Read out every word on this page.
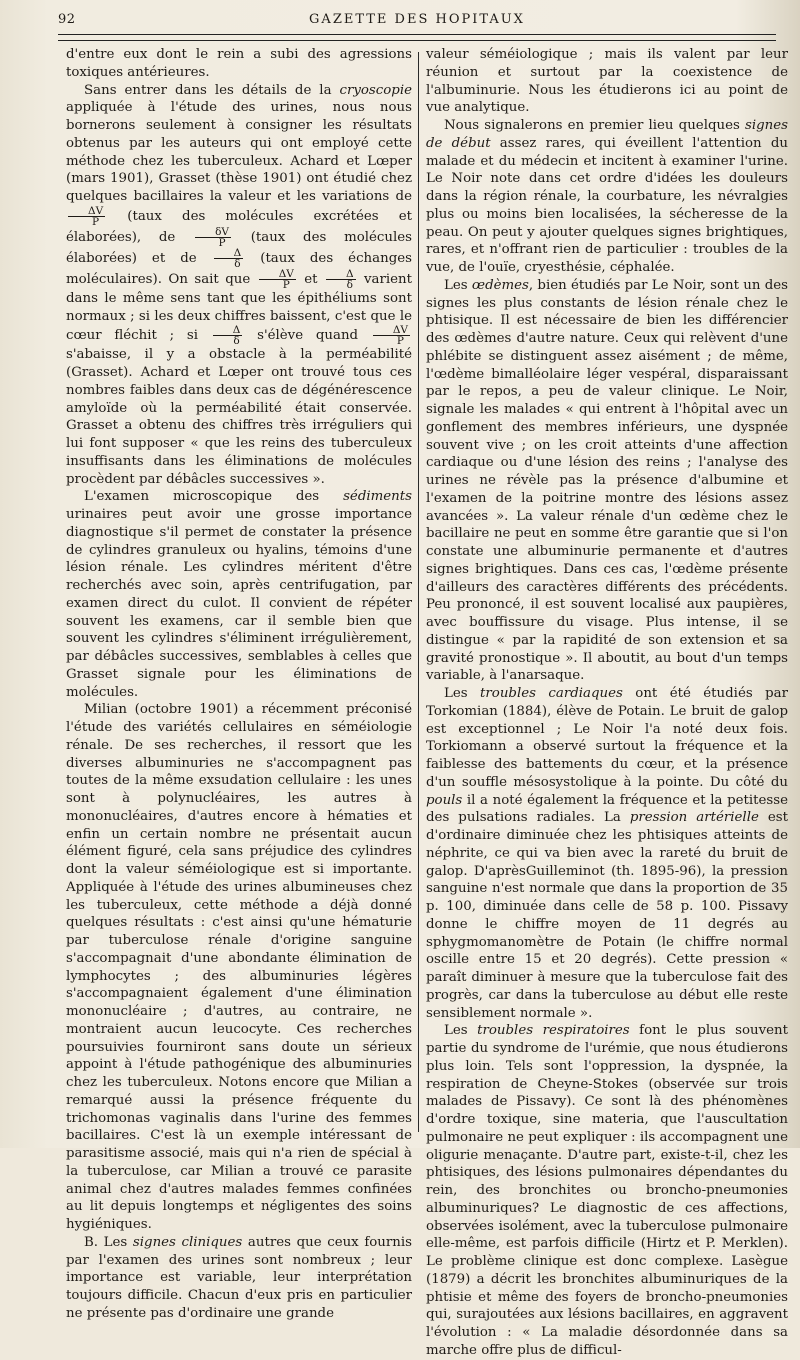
92	GAZETTE DES HOPITAUX

d'entre eux dont le rein a subi des agressions toxiques antérieures.

Sans entrer dans les détails de la cryoscopie appliquée à l'étude des urines, nous nous bornerons seulement à consigner les résultats obtenus par les auteurs qui ont employé cette méthode chez les tuberculeux. Achard et Lœper (mars 1901), Grasset (thèse 1901) ont étudié chez quelques bacillaires la valeur et les variations de
$\frac{\Delta V}{P}$ (taux des molécules excrétées et élaborées), de $\frac{\delta V}{P}$ (taux des molécules élaborées) et de $\frac{\Delta}{\delta}$ (taux des échanges moléculaires). On sait que $\frac{\Delta V}{P}$ et $\frac{\Delta}{\delta}$ varient dans le même sens tant que les épithéliums sont normaux ; si les deux chiffres baissent, c'est que le cœur fléchit ; si $\frac{\Delta}{\delta}$ s'élève quand $\frac{\Delta V}{P}$
s'abaisse, il y a obstacle à la perméabilité (Grasset). Achard et Lœper ont trouvé tous ces nombres faibles dans deux cas de dégénérescence amyloïde où la perméabilité était conservée. Grasset a obtenu des chiffres très irréguliers qui lui font supposer « que les reins des tuberculeux insuffisants dans les éliminations de molécules procèdent par débâcles successives ».

L'examen microscopique des sédiments urinaires peut avoir une grosse importance diagnostique s'il permet de constater la présence de cylindres granuleux ou hyalins, témoins d'une lésion rénale. Les cylindres méritent d'être recherchés avec soin, après centrifugation, par examen direct du culot. Il convient de répéter souvent les examens, car il semble bien que souvent les cylindres s'éliminent irrégulièrement, par débâcles successives, semblables à celles que Grasset signale pour les éliminations de molécules.

Milian (octobre 1901) a récemment préconisé l'étude des variétés cellulaires en séméiologie rénale. De ses recherches, il ressort que les diverses albuminuries ne s'accompagnent pas toutes de la même exsudation cellulaire : les unes sont à polynucléaires, les autres à mononucléaires, d'autres encore à hématies et enfin un certain nombre ne présentait aucun élément figuré, cela sans préjudice des cylindres dont la valeur séméiologique est si importante. Appliquée à l'étude des urines albumineuses chez les tuberculeux, cette méthode a déjà donné quelques résultats : c'est ainsi qu'une hématurie par tuberculose rénale d'origine sanguine s'accompagnait d'une abondante élimination de lymphocytes ; des albuminuries légères s'accompagnaient également d'une élimination mononucléaire ; d'autres, au contraire, ne montraient aucun leucocyte. Ces recherches poursuivies fourniront sans doute un sérieux appoint à l'étude pathogénique des albuminuries chez les tuberculeux. Notons encore que Milian a remarqué aussi la présence fréquente du trichomonas vaginalis dans l'urine des femmes bacillaires. C'est là un exemple intéressant de parasitisme associé, mais qui n'a rien de spécial à la tuberculose, car Milian a trouvé ce parasite animal chez d'autres malades femmes confinées au lit depuis longtemps et négligentes des soins hygiéniques.

B. Les signes cliniques autres que ceux fournis par l'examen des urines sont nombreux ; leur importance est variable, leur interprétation toujours difficile. Chacun d'eux pris en particulier ne présente pas d'ordinaire une grande

valeur séméiologique ; mais ils valent par leur réunion et surtout par la coexistence de l'albuminurie. Nous les étudierons ici au point de vue analytique.

Nous signalerons en premier lieu quelques signes de début assez rares, qui éveillent l'attention du malade et du médecin et incitent à examiner l'urine. Le Noir note dans cet ordre d'idées les douleurs dans la région rénale, la courbature, les névralgies plus ou moins bien localisées, la sécheresse de la peau. On peut y ajouter quelques signes brightiques, rares, et n'offrant rien de particulier : troubles de la vue, de l'ouïe, cryesthésie, céphalée.

Les œdèmes, bien étudiés par Le Noir, sont un des signes les plus constants de lésion rénale chez le phtisique. Il est nécessaire de bien les différencier des œdèmes d'autre nature. Ceux qui relèvent d'une phlébite se distinguent assez aisément ; de même, l'œdème bimalléolaire léger vespéral, disparaissant par le repos, a peu de valeur clinique. Le Noir, signale les malades « qui entrent à l'hôpital avec un gonflement des membres inférieurs, une dyspnée souvent vive ; on les croit atteints d'une affection cardiaque ou d'une lésion des reins ; l'analyse des urines ne révèle pas la présence d'albumine et l'examen de la poitrine montre des lésions assez avancées ». La valeur rénale d'un œdème chez le bacillaire ne peut en somme être garantie que si l'on constate une albuminurie permanente et d'autres signes brightiques. Dans ces cas, l'œdème présente d'ailleurs des caractères différents des précédents. Peu prononcé, il est souvent localisé aux paupières, avec bouffissure du visage. Plus intense, il se distingue « par la rapidité de son extension et sa gravité pronostique ». Il aboutit, au bout d'un temps variable, à l'anarsaque.

Les troubles cardiaques ont été étudiés par Torkomian (1884), élève de Potain. Le bruit de galop est exceptionnel ; Le Noir l'a noté deux fois. Torkiomann a observé surtout la fréquence et la faiblesse des battements du cœur, et la présence d'un souffle mésosystolique à la pointe. Du côté du pouls il a noté également la fréquence et la petitesse des pulsations radiales. La pression artérielle est d'ordinaire diminuée chez les phtisiques atteints de néphrite, ce qui va bien avec la rareté du bruit de galop. D'aprèsGuilleminot (th. 1895-96), la pression sanguine n'est normale que dans la proportion de 35 p. 100, diminuée dans celle de 58 p. 100. Pissavy donne le chiffre moyen de 11 degrés au sphygmomanomètre de Potain (le chiffre normal oscille entre 15 et 20 degrés). Cette pression « paraît diminuer à mesure que la tuberculose fait des progrès, car dans la tuberculose au début elle reste sensiblement normale ».

Les troubles respiratoires font le plus souvent partie du syndrome de l'urémie, que nous étudierons plus loin. Tels sont l'oppression, la dyspnée, la respiration de Cheyne-Stokes (observée sur trois malades de Pissavy). Ce sont là des phénomènes d'ordre toxique, sine materia, que l'auscultation pulmonaire ne peut expliquer : ils accompagnent une oligurie menaçante. D'autre part, existe-t-il, chez les phtisiques, des lésions pulmonaires dépendantes du rein, des bronchites ou broncho-pneumonies albuminuriques? Le diagnostic de ces affections, observées isolément, avec la tuberculose pulmonaire elle-même, est parfois difficile (Hirtz et P. Merklen). Le problème clinique est donc complexe. Lasègue (1879) a décrit les bronchites albuminuriques de la phtisie et même des foyers de broncho-pneumonies qui, surajoutées aux lésions bacillaires, en aggravent l'évolution : « La maladie désordonnée dans sa marche offre plus de difficul-
